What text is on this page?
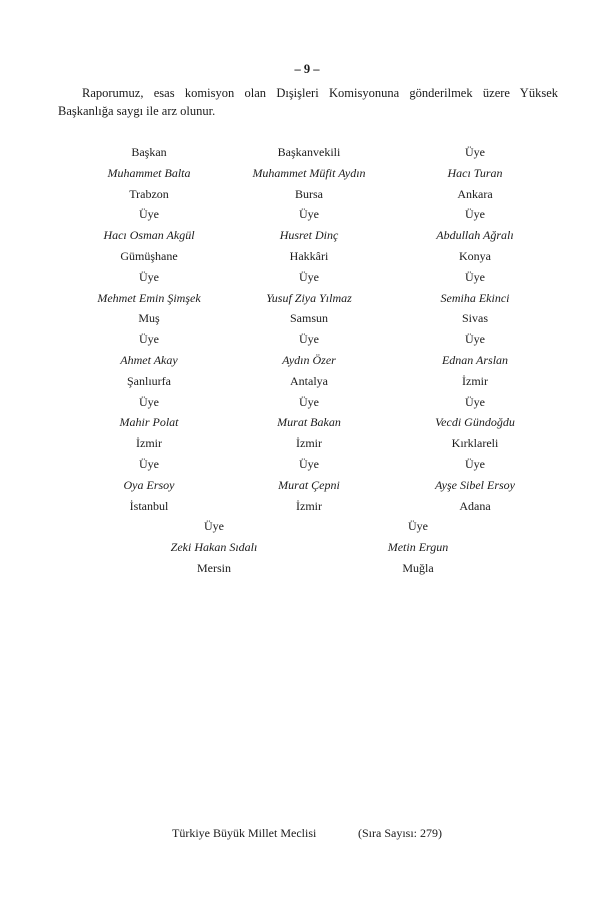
– 9 –
Raporumuz, esas komisyon olan Dışişleri Komisyonuna gönderilmek üzere Yüksek Başkanlığa saygı ile arz olunur.
Başkan	Başkanvekili	Üye
Muhammet Balta	Muhammet Müfit Aydın	Hacı Turan
Trabzon	Bursa	Ankara
Üye	Üye	Üye
Hacı Osman Akgül	Husret Dinç	Abdullah Ağralı
Gümüşhane	Hakkâri	Konya
Üye	Üye	Üye
Mehmet Emin Şimşek	Yusuf Ziya Yılmaz	Semiha Ekinci
Muş	Samsun	Sivas
Üye	Üye	Üye
Ahmet Akay	Aydın Özer	Ednan Arslan
Şanlıurfa	Antalya	İzmir
Üye	Üye	Üye
Mahir Polat	Murat Bakan	Vecdi Gündoğdu
İzmir	İzmir	Kırklareli
Üye	Üye	Üye
Oya Ersoy	Murat Çepni	Ayşe Sibel Ersoy
İstanbul	İzmir	Adana
Üye	Üye
Zeki Hakan Sıdalı	Metin Ergun
Mersin	Muğla
Türkiye Büyük Millet Meclisi	(Sıra Sayısı: 279)
